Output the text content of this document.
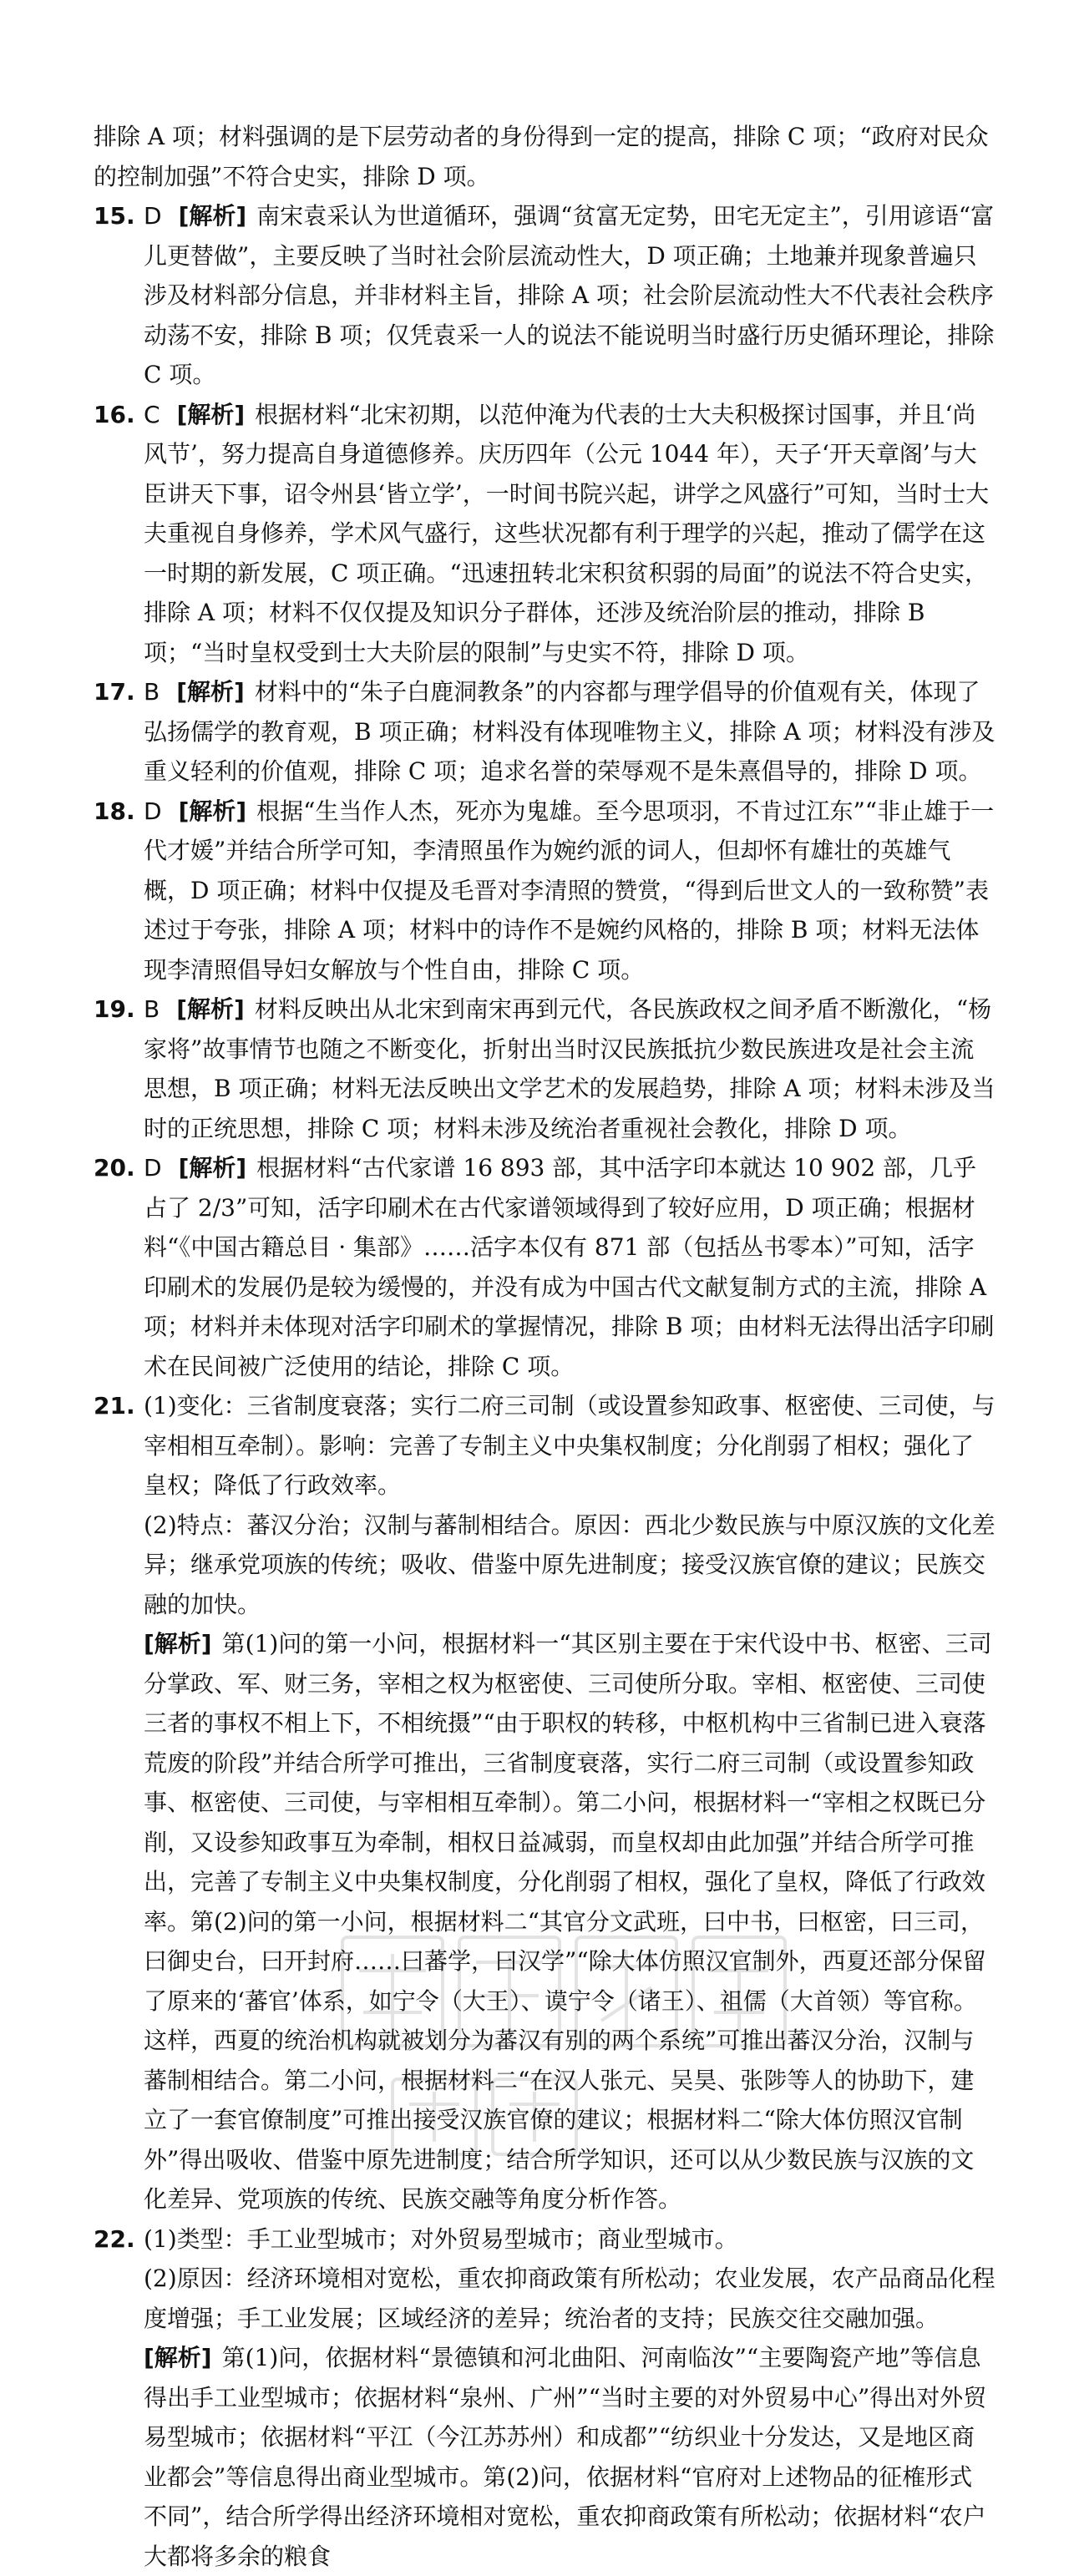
排除 A 项；材料强调的是下层劳动者的身份得到一定的提高，排除 C 项；“政府对民众的控制加强”不符合史实，排除 D 项。
15. D [解析] 南宋袁采认为世道循环，强调“贫富无定势，田宅无定主”，引用谚语“富儿更替做”，主要反映了当时社会阶层流动性大，D 项正确；土地兼并现象普遍只涉及材料部分信息，并非材料主旨，排除 A 项；社会阶层流动性大不代表社会秩序动荡不安，排除 B 项；仅凭袁采一人的说法不能说明当时盛行历史循环理论，排除 C 项。
16. C [解析] 根据材料“北宋初期，以范仲淹为代表的士大夫积极探讨国事，并且‘尚风节’，努力提高自身道德修养。庆历四年（公元 1044 年），天子‘开天章阁’与大臣讲天下事，诏令州县‘皆立学’，一时间书院兴起，讲学之风盛行”可知，当时士大夫重视自身修养，学术风气盛行，这些状况都有利于理学的兴起，推动了儒学在这一时期的新发展，C 项正确。“迅速扭转北宋积贫积弱的局面”的说法不符合史实，排除 A 项；材料不仅仅提及知识分子群体，还涉及统治阶层的推动，排除 B 项；“当时皇权受到士大夫阶层的限制”与史实不符，排除 D 项。
17. B [解析] 材料中的“朱子白鹿洞教条”的内容都与理学倡导的价值观有关，体现了弘扬儒学的教育观，B 项正确；材料没有体现唯物主义，排除 A 项；材料没有涉及重义轻利的价值观，排除 C 项；追求名誉的荣辱观不是朱熹倡导的，排除 D 项。
18. D [解析] 根据“生当作人杰，死亦为鬼雄。至今思项羽，不肯过江东”“非止雄于一代才媛”并结合所学可知，李清照虽作为婉约派的词人，但却怀有雄壮的英雄气概，D 项正确；材料中仅提及毛晋对李清照的赞赏，“得到后世文人的一致称赞”表述过于夸张，排除 A 项；材料中的诗作不是婉约风格的，排除 B 项；材料无法体现李清照倡导妇女解放与个性自由，排除 C 项。
19. B [解析] 材料反映出从北宋到南宋再到元代，各民族政权之间矛盾不断激化，“杨家将”故事情节也随之不断变化，折射出当时汉民族抵抗少数民族进攻是社会主流思想，B 项正确；材料无法反映出文学艺术的发展趋势，排除 A 项；材料未涉及当时的正统思想，排除 C 项；材料未涉及统治者重视社会教化，排除 D 项。
20. D [解析] 根据材料“古代家谱 16 893 部，其中活字印本就达 10 902 部，几乎占了 2/3”可知，活字印刷术在古代家谱领域得到了较好应用，D 项正确；根据材料“《中国古籍总目 · 集部》……活字本仅有 871 部（包括丛书零本）”可知，活字印刷术的发展仍是较为缓慢的，并没有成为中国古代文献复制方式的主流，排除 A 项；材料并未体现对活字印刷术的掌握情况，排除 B 项；由材料无法得出活字印刷术在民间被广泛使用的结论，排除 C 项。
21. (1)变化：三省制度衰落；实行二府三司制（或设置参知政事、枢密使、三司使，与宰相相互牵制）。影响：完善了专制主义中央集权制度；分化削弱了相权；强化了皇权；降低了行政效率。
(2)特点：蕃汉分治；汉制与蕃制相结合。原因：西北少数民族与中原汉族的文化差异；继承党项族的传统；吸收、借鉴中原先进制度；接受汉族官僚的建议；民族交融的加快。
[解析] 第(1)问的第一小问，根据材料一“其区别主要在于宋代设中书、枢密、三司分掌政、军、财三务，宰相之权为枢密使、三司使所分取。宰相、枢密使、三司使三者的事权不相上下，不相统摄”“由于职权的转移，中枢机构中三省制已进入衰落荒废的阶段”并结合所学可推出，三省制度衰落，实行二府三司制（或设置参知政事、枢密使、三司使，与宰相相互牵制）。第二小问，根据材料一“宰相之权既已分削，又设参知政事互为牵制，相权日益减弱，而皇权却由此加强”并结合所学可推出，完善了专制主义中央集权制度，分化削弱了相权，强化了皇权，降低了行政效率。第(2)问的第一小问，根据材料二“其官分文武班，曰中书，曰枢密，曰三司，曰御史台，曰开封府……曰蕃学，曰汉学”“除大体仿照汉官制外，西夏还部分保留了原来的‘蕃官’体系，如宁令（大王）、谟宁令（诸王）、祖儒（大首领）等官称。这样，西夏的统治机构就被划分为蕃汉有别的两个系统”可推出蕃汉分治，汉制与蕃制相结合。第二小问，根据材料二“在汉人张元、吴昊、张陟等人的协助下，建立了一套官僚制度”可推出接受汉族官僚的建议；根据材料二“除大体仿照汉官制外”得出吸收、借鉴中原先进制度；结合所学知识，还可以从少数民族与汉族的文化差异、党项族的传统、民族交融等角度分析作答。
22. (1)类型：手工业型城市；对外贸易型城市；商业型城市。
(2)原因：经济环境相对宽松，重农抑商政策有所松动；农业发展，农产品商品化程度增强；手工业发展；区域经济的差异；统治者的支持；民族交往交融加强。
[解析] 第(1)问，依据材料“景德镇和河北曲阳、河南临汝”“主要陶瓷产地”等信息得出手工业型城市；依据材料“泉州、广州”“当时主要的对外贸易中心”得出对外贸易型城市；依据材料“平江（今江苏苏州）和成都”“纺织业十分发达，又是地区商业都会”等信息得出商业型城市。第(2)问，依据材料“官府对上述物品的征榷形式不同”，结合所学得出经济环境相对宽松，重农抑商政策有所松动；依据材料“农户大都将多余的粮食
